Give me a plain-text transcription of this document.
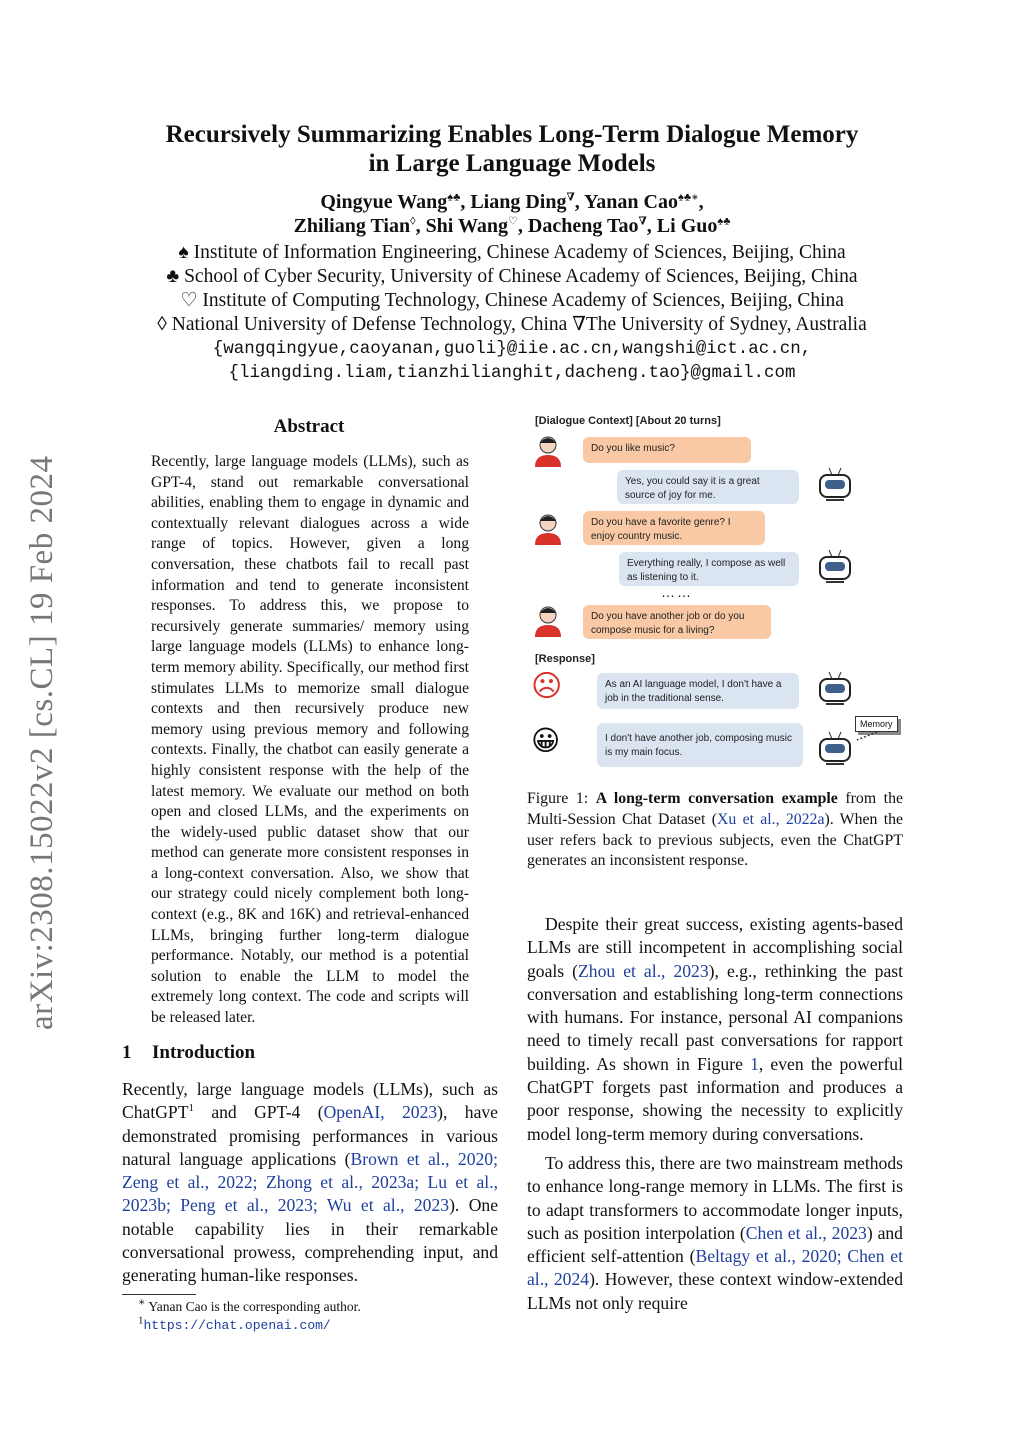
arXiv:2308.15022v2 [cs.CL] 19 Feb 2024
Recursively Summarizing Enables Long-Term Dialogue Memory
in Large Language Models
Qingyue Wang♠♣, Liang Ding∇, Yanan Cao♠♣∗,
Zhiliang Tian◊, Shi Wang♡, Dacheng Tao∇, Li Guo♠♣
♠ Institute of Information Engineering, Chinese Academy of Sciences, Beijing, China
♣ School of Cyber Security, University of Chinese Academy of Sciences, Beijing, China
♡ Institute of Computing Technology, Chinese Academy of Sciences, Beijing, China
◊ National University of Defense Technology, China ∇The University of Sydney, Australia
{wangqingyue,caoyanan,guoli}@iie.ac.cn,wangshi@ict.ac.cn,
{liangding.liam,tianzhilianghit,dacheng.tao}@gmail.com
Abstract
Recently, large language models (LLMs), such as GPT-4, stand out remarkable conversational abilities, enabling them to engage in dynamic and contextually relevant dialogues across a wide range of topics. However, given a long conversation, these chatbots fail to recall past information and tend to generate inconsistent responses. To address this, we propose to recursively generate summaries/ memory using large language models (LLMs) to enhance long-term memory ability. Specifically, our method first stimulates LLMs to memorize small dialogue contexts and then recursively produce new memory using previous memory and following contexts. Finally, the chatbot can easily generate a highly consistent response with the help of the latest memory. We evaluate our method on both open and closed LLMs, and the experiments on the widely-used public dataset show that our method can generate more consistent responses in a long-context conversation. Also, we show that our strategy could nicely complement both long-context (e.g., 8K and 16K) and retrieval-enhanced LLMs, bringing further long-term dialogue performance. Notably, our method is a potential solution to enable the LLM to model the extremely long context. The code and scripts will be released later.
1 Introduction

Recently, large language models (LLMs), such as ChatGPT$^1$ and GPT-4 (OpenAI, 2023), have demonstrated promising performances in various natural language applications (Brown et al., 2020; Zeng et al., 2022; Zhong et al., 2023a; Lu et al., 2023b; Peng et al., 2023; Wu et al., 2023). One notable capability lies in their remarkable conversational prowess, comprehending input, and generating human-like responses.

∗ Yanan Cao is the corresponding author.
$^1$https://chat.openai.com/
[Dialogue Context] [About 20 turns]
Do you like music?
Yes, you could say it is a great source of joy for me.
Do you have a favorite genre? I enjoy country music.
Everything really, I compose as well as listening to it.
……
Do you have another job or do you compose music for a living?
[Response]
☹	As an AI language model, I don't have a job in the traditional sense.
😀	I don't have another job, composing music is my main focus.
Memory
Figure 1: A long-term conversation example from the Multi-Session Chat Dataset (Xu et al., 2022a). When the user refers back to previous subjects, even the ChatGPT generates an inconsistent response.

Despite their great success, existing agents-based LLMs are still incompetent in accomplishing social goals (Zhou et al., 2023), e.g., rethinking the past conversation and establishing long-term connections with humans. For instance, personal AI companions need to timely recall past conversations for rapport building. As shown in Figure 1, even the powerful ChatGPT forgets past information and produces a poor response, showing the necessity to explicitly model long-term memory during conversations.

To address this, there are two mainstream methods to enhance long-range memory in LLMs. The first is to adapt transformers to accommodate longer inputs, such as position interpolation (Chen et al., 2023) and efficient self-attention (Beltagy et al., 2020; Chen et al., 2024). However, these context window-extended LLMs not only require
